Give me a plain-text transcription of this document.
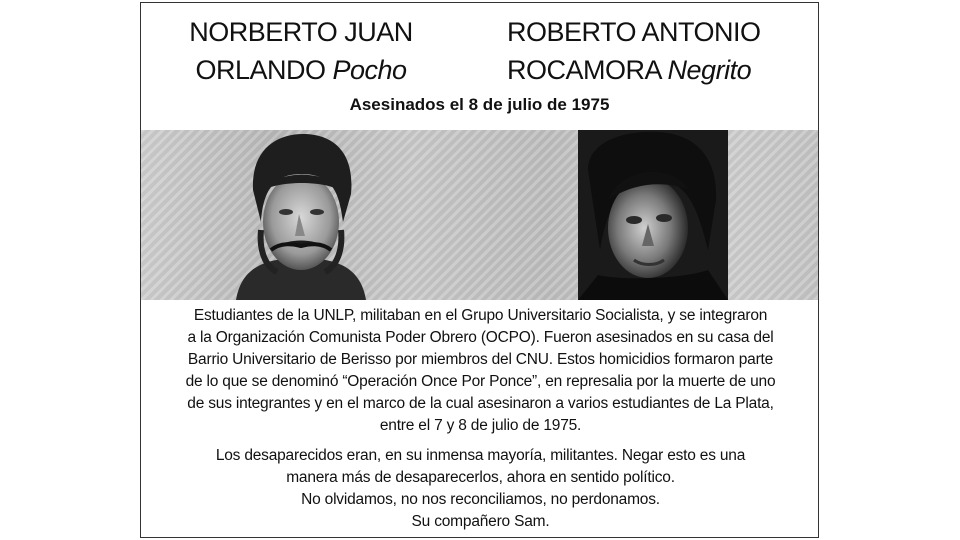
NORBERTO JUAN
ORLANDO Pocho
ROBERTO ANTONIO
ROCAMORA Negrito
Asesinados el 8 de julio de 1975

Estudiantes de la UNLP, militaban en el Grupo Universitario Socialista, y se integraron
a la Organización Comunista Poder Obrero (OCPO). Fueron asesinados en su casa del
Barrio Universitario de Berisso por miembros del CNU. Estos homicidios formaron parte
de lo que se denominó “Operación Once Por Ponce”, en represalia por la muerte de uno
de sus integrantes y en el marco de la cual asesinaron a varios estudiantes de La Plata,
entre el 7 y 8 de julio de 1975.

Los desaparecidos eran, en su inmensa mayoría, militantes. Negar esto es una
manera más de desaparecerlos, ahora en sentido político.
No olvidamos, no nos reconciliamos, no perdonamos.
Su compañero Sam.
